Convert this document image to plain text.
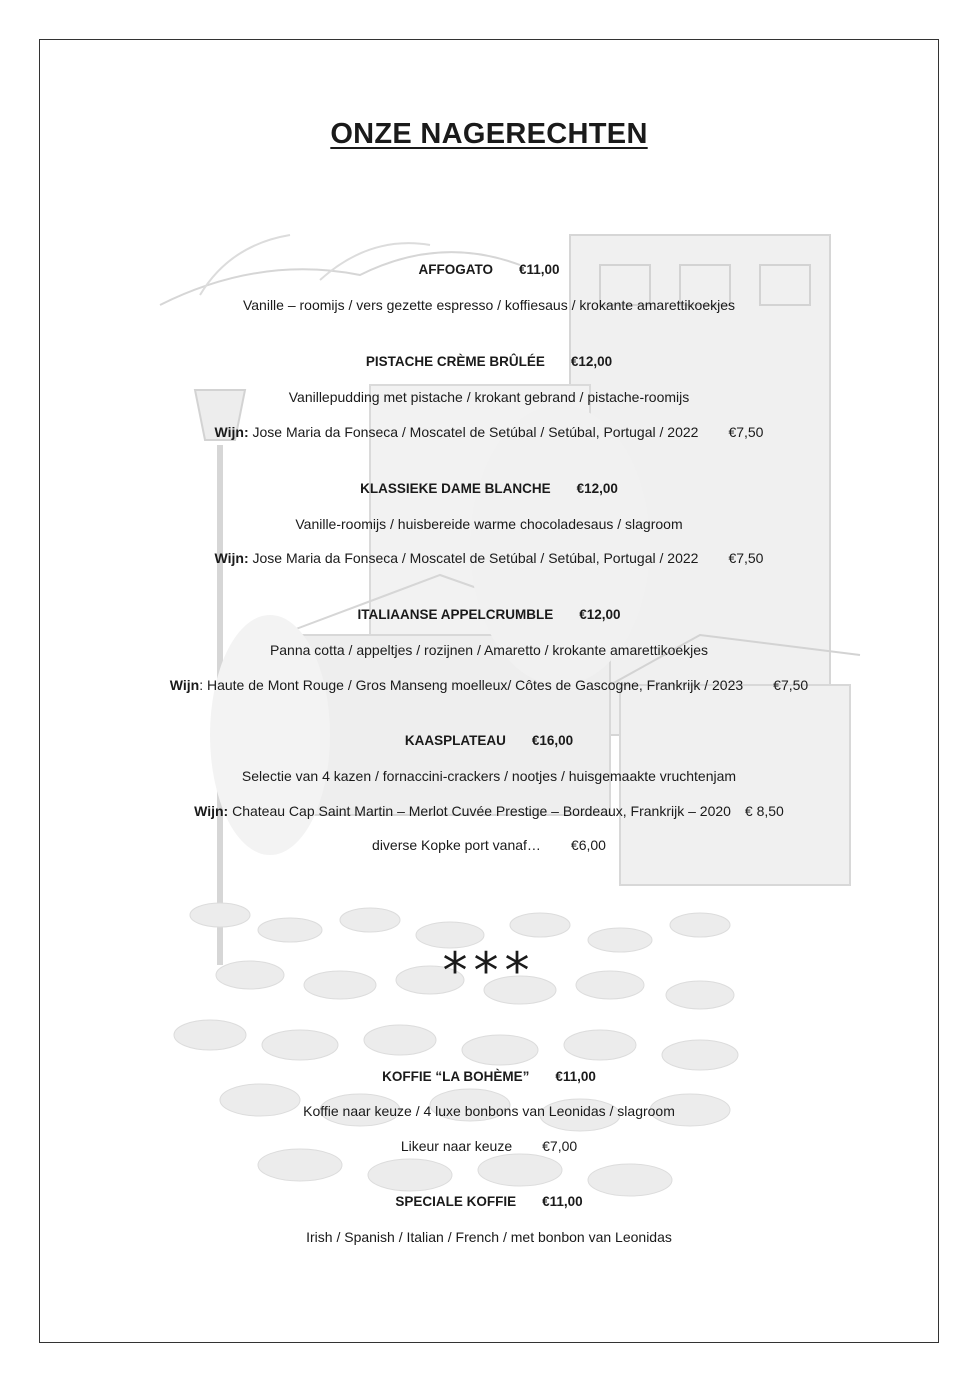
ONZE NAGERECHTEN
AFFOGATO €11,00
Vanille – roomijs / vers gezette espresso / koffiesaus / krokante amarettikoekjes
PISTACHE CRÈME BRÛLÉE €12,00
Vanillepudding met pistache / krokant gebrand / pistache-roomijs
Wijn: Jose Maria da Fonseca / Moscatel de Setúbal / Setúbal, Portugal / 2022 €7,50
KLASSIEKE DAME BLANCHE €12,00
Vanille-roomijs / huisbereide warme chocoladesaus / slagroom
Wijn: Jose Maria da Fonseca / Moscatel de Setúbal / Setúbal, Portugal / 2022 €7,50
ITALIAANSE APPELCRUMBLE €12,00
Panna cotta / appeltjes / rozijnen / Amaretto / krokante amarettikoekjes
Wijn: Haute de Mont Rouge / Gros Manseng moelleux/ Côtes de Gascogne, Frankrijk / 2023 €7,50
KAASPLATEAU €16,00
Selectie van 4 kazen / fornaccini-crackers / nootjes / huisgemaakte vruchtenjam
Wijn: Chateau Cap Saint Martin – Merlot Cuvée Prestige – Bordeaux, Frankrijk – 2020 € 8,50
diverse Kopke port vanaf… €6,00
***
KOFFIE “LA BOHÈME” €11,00
Koffie naar keuze / 4 luxe bonbons van Leonidas / slagroom
Likeur naar keuze €7,00
SPECIALE KOFFIE €11,00
Irish / Spanish / Italian / French / met bonbon van Leonidas
